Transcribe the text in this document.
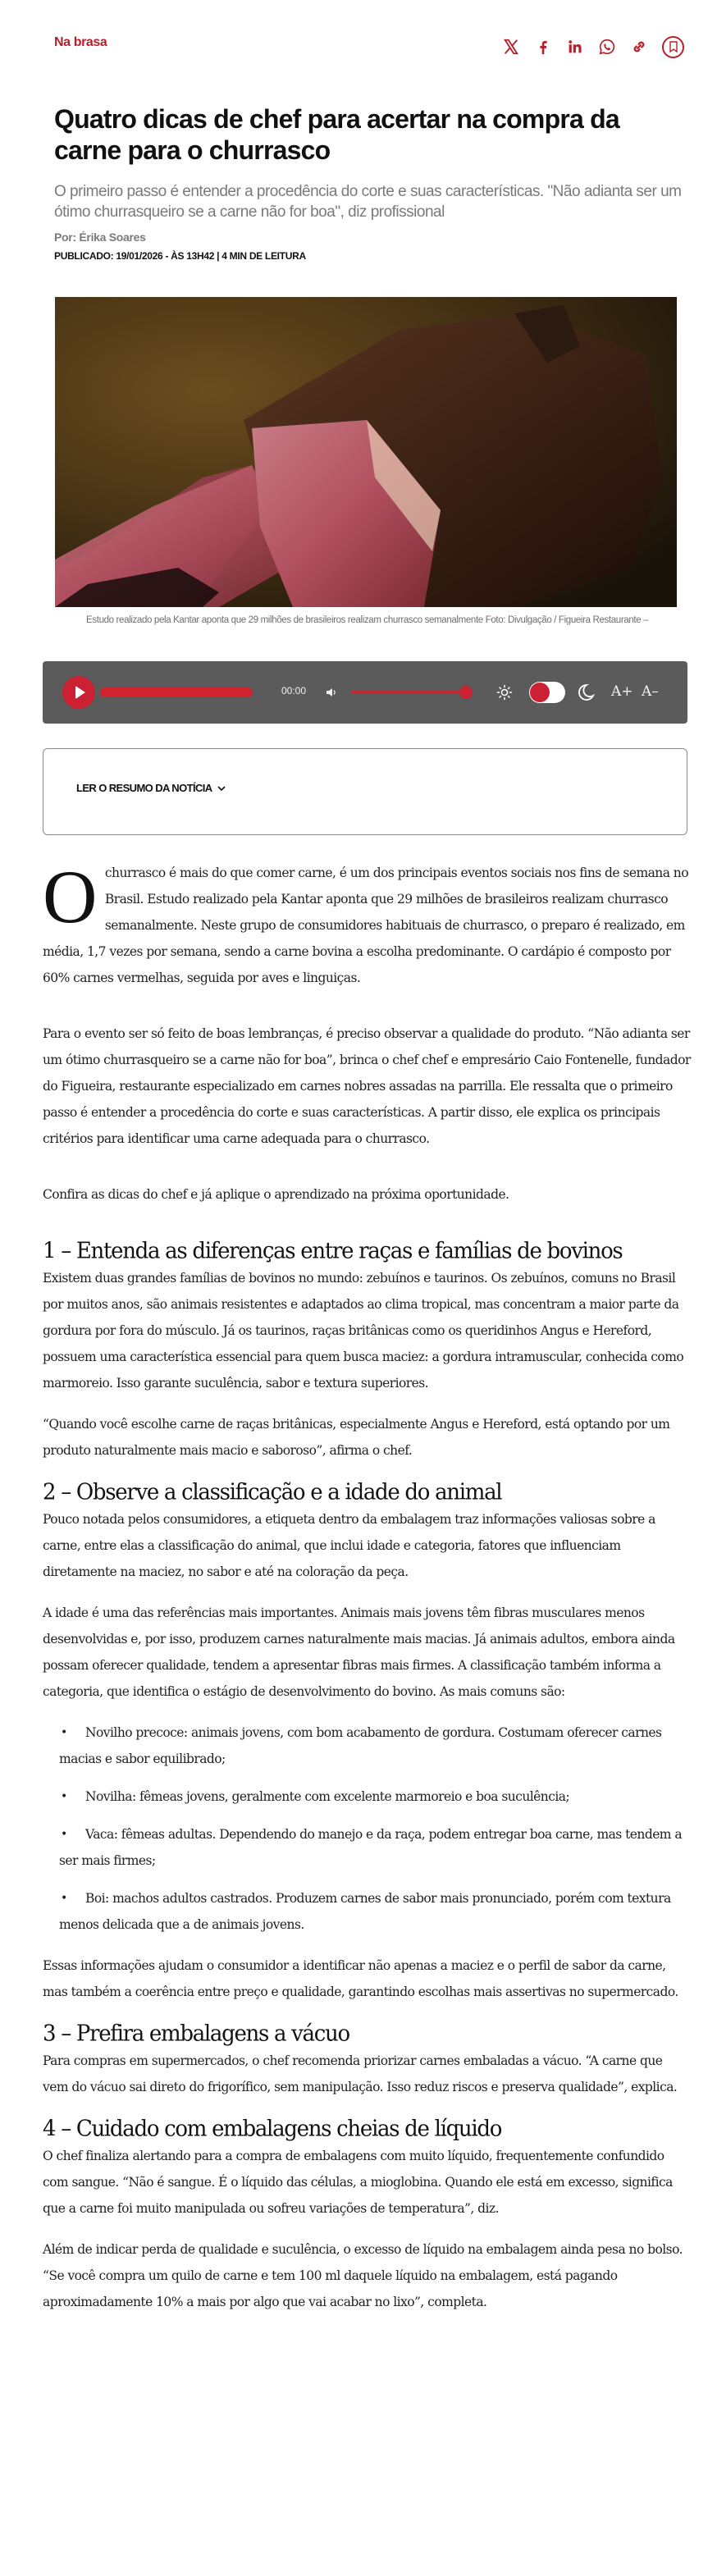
Na brasa
Quatro dicas de chef para acertar na compra da carne para o churrasco

O primeiro passo é entender a procedência do corte e suas características. "Não adianta ser um ótimo churrasqueiro se a carne não for boa", diz profissional

Por: Érika Soares
PUBLICADO: 19/01/2026 - ÀS 13H42 | 4 MIN DE LEITURA

Estudo realizado pela Kantar aponta que 29 milhões de brasileiros realizam churrasco semanalmente Foto: Divulgação / Figueira Restaurante –

00:00	A+ A–
LER O RESUMO DA NOTÍCIA

Ochurrasco é mais do que comer carne, é um dos principais eventos sociais nos fins de semana no Brasil. Estudo realizado pela Kantar aponta que 29 milhões de brasileiros realizam churrasco semanalmente. Neste grupo de consumidores habituais de churrasco, o preparo é realizado, em média, 1,7 vezes por semana, sendo a carne bovina a escolha predominante. O cardápio é composto por 60% carnes vermelhas, seguida por aves e linguiças.

Para o evento ser só feito de boas lembranças, é preciso observar a qualidade do produto. “Não adianta ser um ótimo churrasqueiro se a carne não for boa”, brinca o chef chef e empresário Caio Fontenelle, fundador do Figueira, restaurante especializado em carnes nobres assadas na parrilla. Ele ressalta que o primeiro passo é entender a procedência do corte e suas características. A partir disso, ele explica os principais critérios para identificar uma carne adequada para o churrasco.

Confira as dicas do chef e já aplique o aprendizado na próxima oportunidade.

1 – Entenda as diferenças entre raças e famílias de bovinos

Existem duas grandes famílias de bovinos no mundo: zebuínos e taurinos. Os zebuínos, comuns no Brasil por muitos anos, são animais resistentes e adaptados ao clima tropical, mas concentram a maior parte da gordura por fora do músculo. Já os taurinos, raças britânicas como os queridinhos Angus e Hereford, possuem uma característica essencial para quem busca maciez: a gordura intramuscular, conhecida como marmoreio. Isso garante suculência, sabor e textura superiores.

“Quando você escolhe carne de raças britânicas, especialmente Angus e Hereford, está optando por um produto naturalmente mais macio e saboroso”, afirma o chef.

2 – Observe a classificação e a idade do animal

Pouco notada pelos consumidores, a etiqueta dentro da embalagem traz informações valiosas sobre a carne, entre elas a classificação do animal, que inclui idade e categoria, fatores que influenciam diretamente na maciez, no sabor e até na coloração da peça.

A idade é uma das referências mais importantes. Animais mais jovens têm fibras musculares menos desenvolvidas e, por isso, produzem carnes naturalmente mais macias. Já animais adultos, embora ainda possam oferecer qualidade, tendem a apresentar fibras mais firmes. A classificação também informa a categoria, que identifica o estágio de desenvolvimento do bovino. As mais comuns são:

• Novilho precoce: animais jovens, com bom acabamento de gordura. Costumam oferecer carnes macias e sabor equilibrado;
• Novilha: fêmeas jovens, geralmente com excelente marmoreio e boa suculência;
• Vaca: fêmeas adultas. Dependendo do manejo e da raça, podem entregar boa carne, mas tendem a ser mais firmes;
• Boi: machos adultos castrados. Produzem carnes de sabor mais pronunciado, porém com textura menos delicada que a de animais jovens.

Essas informações ajudam o consumidor a identificar não apenas a maciez e o perfil de sabor da carne, mas também a coerência entre preço e qualidade, garantindo escolhas mais assertivas no supermercado.

3 – Prefira embalagens a vácuo

Para compras em supermercados, o chef recomenda priorizar carnes embaladas a vácuo. “A carne que vem do vácuo sai direto do frigorífico, sem manipulação. Isso reduz riscos e preserva qualidade”, explica.

4 – Cuidado com embalagens cheias de líquido

O chef finaliza alertando para a compra de embalagens com muito líquido, frequentemente confundido com sangue. “Não é sangue. É o líquido das células, a mioglobina. Quando ele está em excesso, significa que a carne foi muito manipulada ou sofreu variações de temperatura”, diz.

Além de indicar perda de qualidade e suculência, o excesso de líquido na embalagem ainda pesa no bolso. “Se você compra um quilo de carne e tem 100 ml daquele líquido na embalagem, está pagando aproximadamente 10% a mais por algo que vai acabar no lixo”, completa.
